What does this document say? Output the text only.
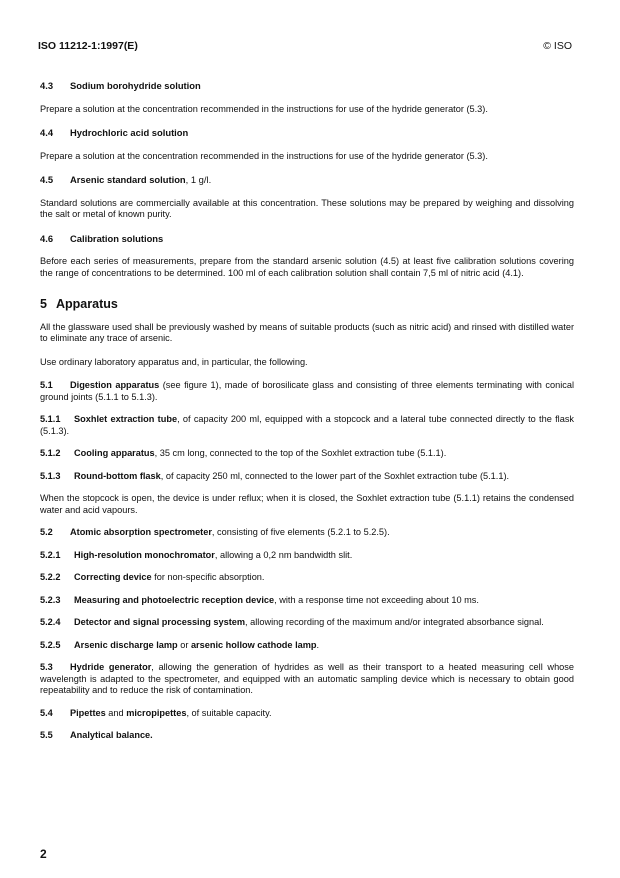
ISO 11212-1:1997(E)	© ISO
4.3 Sodium borohydride solution
Prepare a solution at the concentration recommended in the instructions for use of the hydride generator (5.3).
4.4 Hydrochloric acid solution
Prepare a solution at the concentration recommended in the instructions for use of the hydride generator (5.3).
4.5 Arsenic standard solution, 1 g/l.
Standard solutions are commercially available at this concentration. These solutions may be prepared by weighing and dissolving the salt or metal of known purity.
4.6 Calibration solutions
Before each series of measurements, prepare from the standard arsenic solution (4.5) at least five calibration solutions covering the range of concentrations to be determined. 100 ml of each calibration solution shall contain 7,5 ml of nitric acid (4.1).
5 Apparatus
All the glassware used shall be previously washed by means of suitable products (such as nitric acid) and rinsed with distilled water to eliminate any trace of arsenic.
Use ordinary laboratory apparatus and, in particular, the following.
5.1 Digestion apparatus (see figure 1), made of borosilicate glass and consisting of three elements terminating with conical ground joints (5.1.1 to 5.1.3).
5.1.1 Soxhlet extraction tube, of capacity 200 ml, equipped with a stopcock and a lateral tube connected directly to the flask (5.1.3).
5.1.2 Cooling apparatus, 35 cm long, connected to the top of the Soxhlet extraction tube (5.1.1).
5.1.3 Round-bottom flask, of capacity 250 ml, connected to the lower part of the Soxhlet extraction tube (5.1.1).
When the stopcock is open, the device is under reflux; when it is closed, the Soxhlet extraction tube (5.1.1) retains the condensed water and acid vapours.
5.2 Atomic absorption spectrometer, consisting of five elements (5.2.1 to 5.2.5).
5.2.1 High-resolution monochromator, allowing a 0,2 nm bandwidth slit.
5.2.2 Correcting device for non-specific absorption.
5.2.3 Measuring and photoelectric reception device, with a response time not exceeding about 10 ms.
5.2.4 Detector and signal processing system, allowing recording of the maximum and/or integrated absorbance signal.
5.2.5 Arsenic discharge lamp or arsenic hollow cathode lamp.
5.3 Hydride generator, allowing the generation of hydrides as well as their transport to a heated measuring cell whose wavelength is adapted to the spectrometer, and equipped with an automatic sampling device which is necessary to obtain good repeatability and to reduce the risk of contamination.
5.4 Pipettes and micropipettes, of suitable capacity.
5.5 Analytical balance.
2
